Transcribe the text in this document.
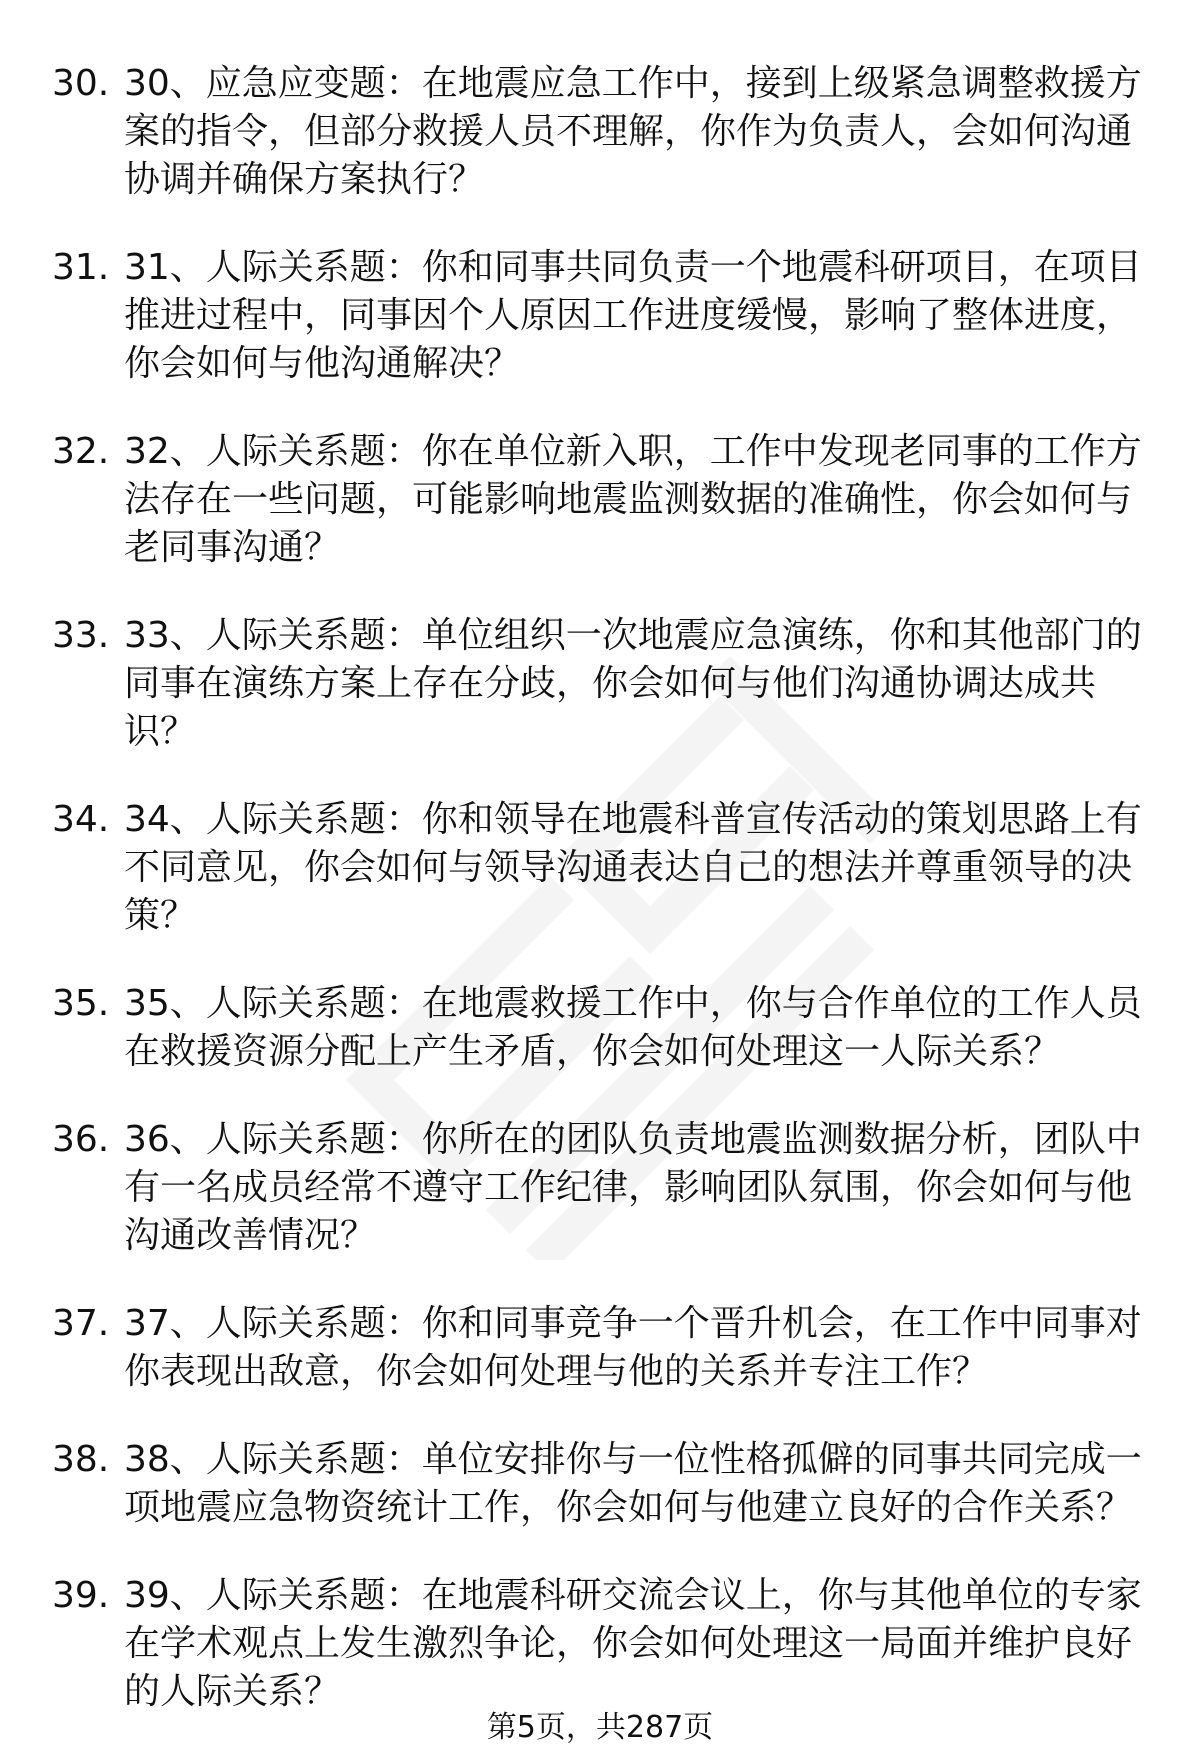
30. 30、应急应变题：在地震应急工作中，接到上级紧急调整救援方案的指令，但部分救援人员不理解，你作为负责人，会如何沟通协调并确保方案执行？
31. 31、人际关系题：你和同事共同负责一个地震科研项目，在项目推进过程中，同事因个人原因工作进度缓慢，影响了整体进度，你会如何与他沟通解决？
32. 32、人际关系题：你在单位新入职，工作中发现老同事的工作方法存在一些问题，可能影响地震监测数据的准确性，你会如何与老同事沟通？
33. 33、人际关系题：单位组织一次地震应急演练，你和其他部门的同事在演练方案上存在分歧，你会如何与他们沟通协调达成共识？
34. 34、人际关系题：你和领导在地震科普宣传活动的策划思路上有不同意见，你会如何与领导沟通表达自己的想法并尊重领导的决策？
35. 35、人际关系题：在地震救援工作中，你与合作单位的工作人员在救援资源分配上产生矛盾，你会如何处理这一人际关系？
36. 36、人际关系题：你所在的团队负责地震监测数据分析，团队中有一名成员经常不遵守工作纪律，影响团队氛围，你会如何与他沟通改善情况？
37. 37、人际关系题：你和同事竞争一个晋升机会，在工作中同事对你表现出敌意，你会如何处理与他的关系并专注工作？
38. 38、人际关系题：单位安排你与一位性格孤僻的同事共同完成一项地震应急物资统计工作，你会如何与他建立良好的合作关系？
39. 39、人际关系题：在地震科研交流会议上，你与其他单位的专家在学术观点上发生激烈争论，你会如何处理这一局面并维护良好的人际关系？
第5页，共287页
